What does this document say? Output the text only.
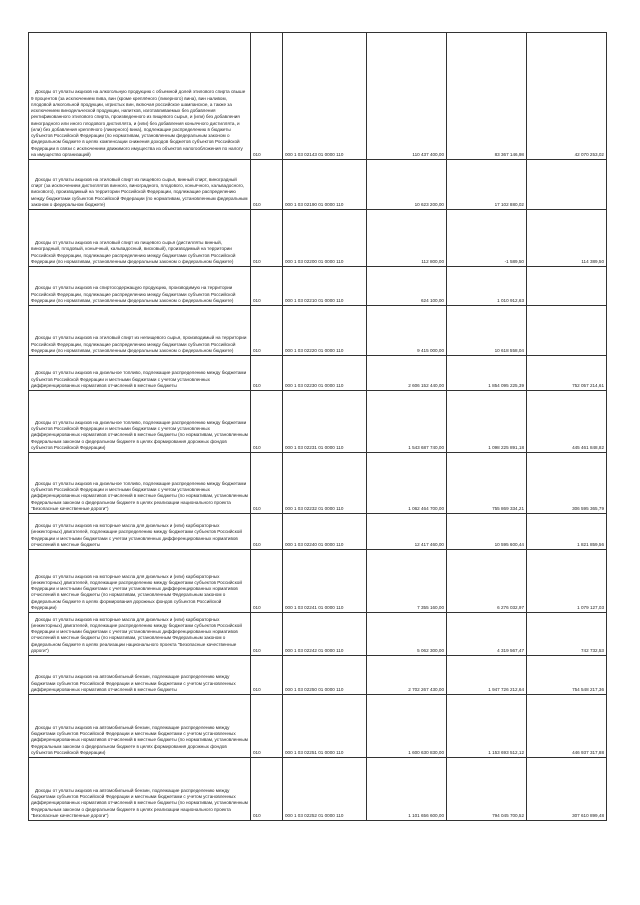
Доходы от уплаты акцизов на алкогольную продукцию с объемной долей этилового спирта свыше 9 процентов (за исключением пива, вин (кроме креплёного (ликерного) вина), вин наливом, плодовой алкогольной продукции, игристых вин, включая российское шампанское, а также за исключением винодельческой продукции, напитков, изготавливаемых без добавления ректификованного этилового спирта, произведенного из пищевого сырья, и (или) без добавления виноградного или иного плодового дистиллята, и (или) без добавления коньячного дистиллята, и (или) без добавления креплёного (ликерного) вина), подлежащие распределению в бюджеты субъектов Российской Федерации (по нормативам, установленным федеральным законом о федеральном бюджете в целях компенсации снижения доходов бюджетов субъектов Российской Федерации в связи с исключением движимого имущества из объектов налогообложения по налогу на имущество организаций)	010	000 1 03 02143 01 0000 110	110 437 400,00	83 367 146,98	42 070 253,02

Доходы от уплаты акцизов на этиловый спирт из пищевого сырья, винный спирт, виноградный спирт (за исключением дистиллятов винного, виноградного, плодового, коньячного, кальвадосного, вискового), производимый на территории Российской Федерации, подлежащие распределению между бюджетами субъектов Российской Федерации (по нормативам, установленным федеральным законом о федеральном бюджете)	010	000 1 03 02190 01 0000 110	10 623 200,00	17 102 880,02	

Доходы от уплаты акцизов на этиловый спирт из пищевого сырья (дистилляты винный, виноградный, плодовый, коньячный, кальвадосный, висковый), производимый на территории Российской Федерации, подлежащие распределению между бюджетами субъектов Российской Федерации (по нормативам, установленным федеральным законом о федеральном бюджете)	010	000 1 03 02200 01 0000 110	112 800,00	-1 589,50	114 389,50

Доходы от уплаты акцизов на спиртосодержащую продукцию, производимую на территории Российской Федерации, подлежащие распределению между бюджетами субъектов Российской Федерации (по нормативам, установленным федеральным законом о федеральном бюджете)	010	000 1 03 02210 01 0000 110	624 100,00	1 010 912,63	

Доходы от уплаты акцизов на этиловый спирт из непищевого сырья, производимый на территории Российской Федерации, подлежащие распределению между бюджетами субъектов Российской Федерации (по нормативам, установленным федеральным законом о федеральном бюджете)	010	000 1 03 02220 01 0000 110	9 415 000,00	10 618 558,04	

Доходы от уплаты акцизов на дизельное топливо, подлежащие распределению между бюджетами субъектов Российской Федерации и местными бюджетами с учетом установленных дифференцированных нормативов отчислений в местные бюджеты	010	000 1 03 02230 01 0000 110	2 606 152 440,00	1 854 095 225,39	752 057 214,61

Доходы от уплаты акцизов на дизельное топливо, подлежащие распределению между бюджетами субъектов Российской Федерации и местными бюджетами с учетом установленных дифференцированных нормативов отчислений в местные бюджеты (по нормативам, установленным Федеральным законом о федеральном бюджете в целях формирования дорожных фондов субъектов Российской Федерации)	010	000 1 03 02231 01 0000 110	1 543 687 740,00	1 098 225 891,18	445 461 848,82

Доходы от уплаты акцизов на дизельное топливо, подлежащие распределению между бюджетами субъектов Российской Федерации и местными бюджетами с учетом установленных дифференцированных нормативов отчислений в местные бюджеты (по нормативам, установленным Федеральным законом о федеральном бюджете в целях реализации национального проекта "Безопасные качественные дороги")	010	000 1 03 02232 01 0000 110	1 062 464 700,00	755 869 334,21	306 595 365,79

Доходы от уплаты акцизов на моторные масла для дизельных и (или) карбюраторных (инжекторных) двигателей, подлежащие распределению между бюджетами субъектов Российской Федерации и местными бюджетами с учетом установленных дифференцированных нормативов отчислений в местные бюджеты	010	000 1 03 02240 01 0000 110	12 417 460,00	10 595 600,44	1 821 859,56

Доходы от уплаты акцизов на моторные масла для дизельных и (или) карбюраторных (инжекторных) двигателей, подлежащие распределению между бюджетами субъектов Российской Федерации и местными бюджетами с учетом установленных дифференцированных нормативов отчислений в местные бюджеты (по нормативам, установленным Федеральным законом о федеральном бюджете в целях формирования дорожных фондов субъектов Российской Федерации)	010	000 1 03 02241 01 0000 110	7 355 160,00	6 276 032,97	1 079 127,03

Доходы от уплаты акцизов на моторные масла для дизельных и (или) карбюраторных (инжекторных) двигателей, подлежащие распределению между бюджетами субъектов Российской Федерации и местными бюджетами с учетом установленных дифференцированных нормативов отчислений в местные бюджеты (по нормативам, установленным Федеральным законом о федеральном бюджете в целях реализации национального проекта "Безопасные качественные дороги")	010	000 1 03 02242 01 0000 110	5 062 300,00	4 319 567,47	742 732,53

Доходы от уплаты акцизов на автомобильный бензин, подлежащие распределению между бюджетами субъектов Российской Федерации и местными бюджетами с учетом установленных дифференцированных нормативов отчислений в местные бюджеты	010	000 1 03 02250 01 0000 110	2 702 267 430,00	1 947 726 212,64	754 548 217,36

Доходы от уплаты акцизов на автомобильный бензин, подлежащие распределению между бюджетами субъектов Российской Федерации и местными бюджетами с учетом установленных дифференцированных нормативов отчислений в местные бюджеты (по нормативам, установленным Федеральным законом о федеральном бюджете в целях формирования дорожных фондов субъектов Российской Федерации)	010	000 1 03 02251 01 0000 110	1 600 630 830,00	1 153 693 512,12	446 937 317,88

Доходы от уплаты акцизов на автомобильный бензин, подлежащие распределению между бюджетами субъектов Российской Федерации и местными бюджетами с учетом установленных дифференцированных нормативов отчислений в местные бюджеты (по нормативам, установленным Федеральным законом о федеральном бюджете в целях реализации национального проекта "Безопасные качественные дороги")	010	000 1 03 02252 01 0000 110	1 101 656 600,00	794 045 700,52	307 610 899,48
